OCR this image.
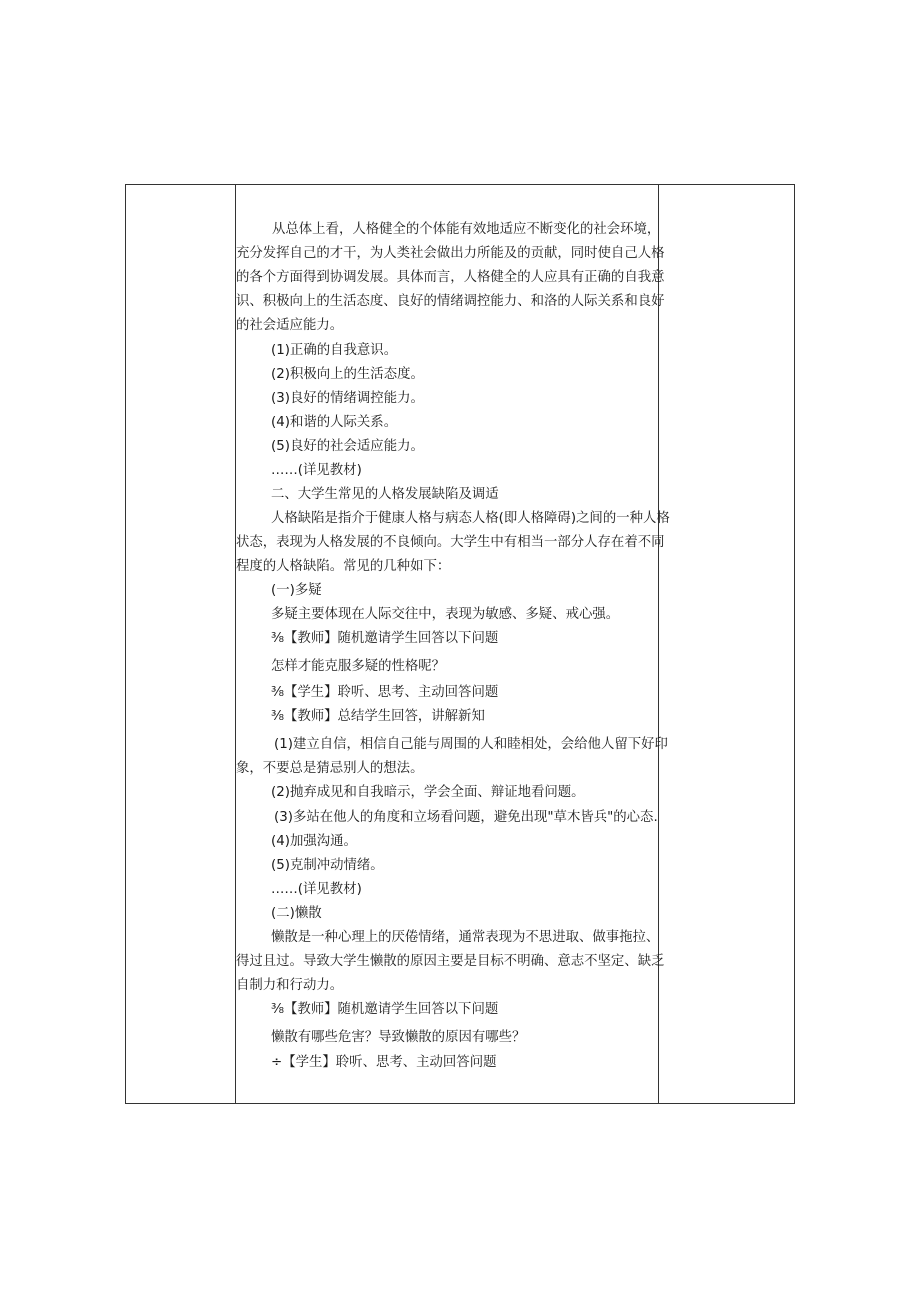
从总体上看，人格健全的个体能有效地适应不断变化的社会环境，
充分发挥自己的才干，为人类社会做出力所能及的贡献，同时使自己人格
的各个方面得到协调发展。具体而言，人格健全的人应具有正确的自我意
识、积极向上的生活态度、良好的情绪调控能力、和洛的人际关系和良好
的社会适应能力。
(1)正确的自我意识。
(2)积极向上的生活态度。
(3)良好的情绪调控能力。
(4)和谐的人际关系。
(5)良好的社会适应能力。
……(详见教材)
二、大学生常见的人格发展缺陷及调适
人格缺陷是指介于健康人格与病态人格(即人格障碍)之间的一种人格
状态，表现为人格发展的不良倾向。大学生中有相当一部分人存在着不同
程度的人格缺陷。常见的几种如下：
(一)多疑
多疑主要体现在人际交往中，表现为敏感、多疑、戒心强。
⅜【教师】随机邀请学生回答以下问题
怎样才能克服多疑的性格呢？
⅜【学生】聆听、思考、主动回答问题
⅜【教师】总结学生回答，讲解新知
(1)建立自信，相信自己能与周围的人和睦相处，会给他人留下好印
象，不要总是猜忌别人的想法。
(2)抛弃成见和自我暗示，学会全面、辩证地看问题。
(3)多站在他人的角度和立场看问题，避免出现"草木皆兵"的心态.
(4)加强沟通。
(5)克制冲动情绪。
……(详见教材)
(二)懒散
懒散是一种心理上的厌倦情绪，通常表现为不思进取、做事拖拉、
得过且过。导致大学生懒散的原因主要是目标不明确、意志不坚定、缺乏
自制力和行动力。
⅜【教师】随机邀请学生回答以下问题
懒散有哪些危害？导致懒散的原因有哪些？
÷【学生】聆听、思考、主动回答问题
